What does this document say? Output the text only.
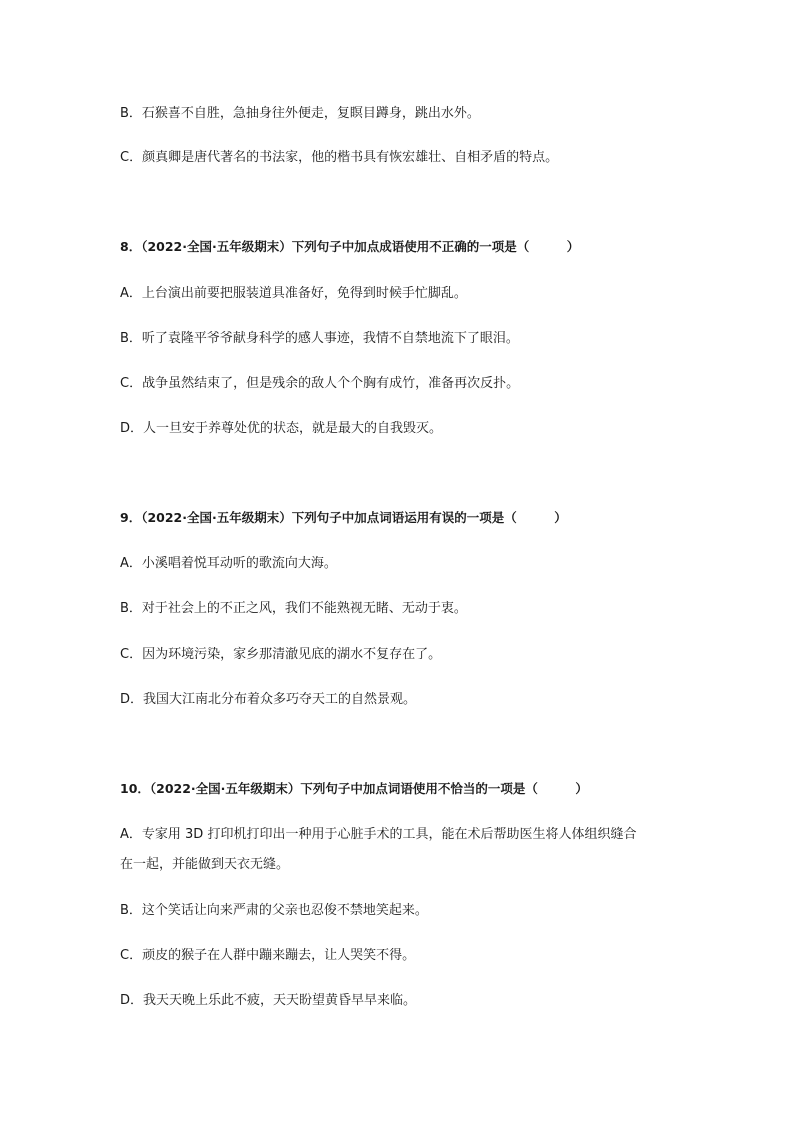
B．石猴喜不自胜，急抽身往外便走，复瞑目蹲身，跳出水外。
C．颜真卿是唐代著名的书法家，他的楷书具有恢宏雄壮、自相矛盾的特点。
8．（2022·全国·五年级期末）下列句子中加点成语使用不正确的一项是（　　　）
A．上台演出前要把服装道具准备好，免得到时候手忙脚乱。
B．听了袁隆平爷爷献身科学的感人事迹，我情不自禁地流下了眼泪。
C．战争虽然结束了，但是残余的敌人个个胸有成竹，准备再次反扑。
D．人一旦安于养尊处优的状态，就是最大的自我毁灭。
9．（2022·全国·五年级期末）下列句子中加点词语运用有误的一项是（　　　）
A．小溪唱着悦耳动听的歌流向大海。
B．对于社会上的不正之风，我们不能熟视无睹、无动于衷。
C．因为环境污染，家乡那清澈见底的湖水不复存在了。
D．我国大江南北分布着众多巧夺天工的自然景观。
10．（2022·全国·五年级期末）下列句子中加点词语使用不恰当的一项是（　　　）
A．专家用 3D 打印机打印出一种用于心脏手术的工具，能在术后帮助医生将人体组织缝合
在一起，并能做到天衣无缝。
B．这个笑话让向来严肃的父亲也忍俊不禁地笑起来。
C．顽皮的猴子在人群中蹦来蹦去，让人哭笑不得。
D．我天天晚上乐此不疲，天天盼望黄昏早早来临。
